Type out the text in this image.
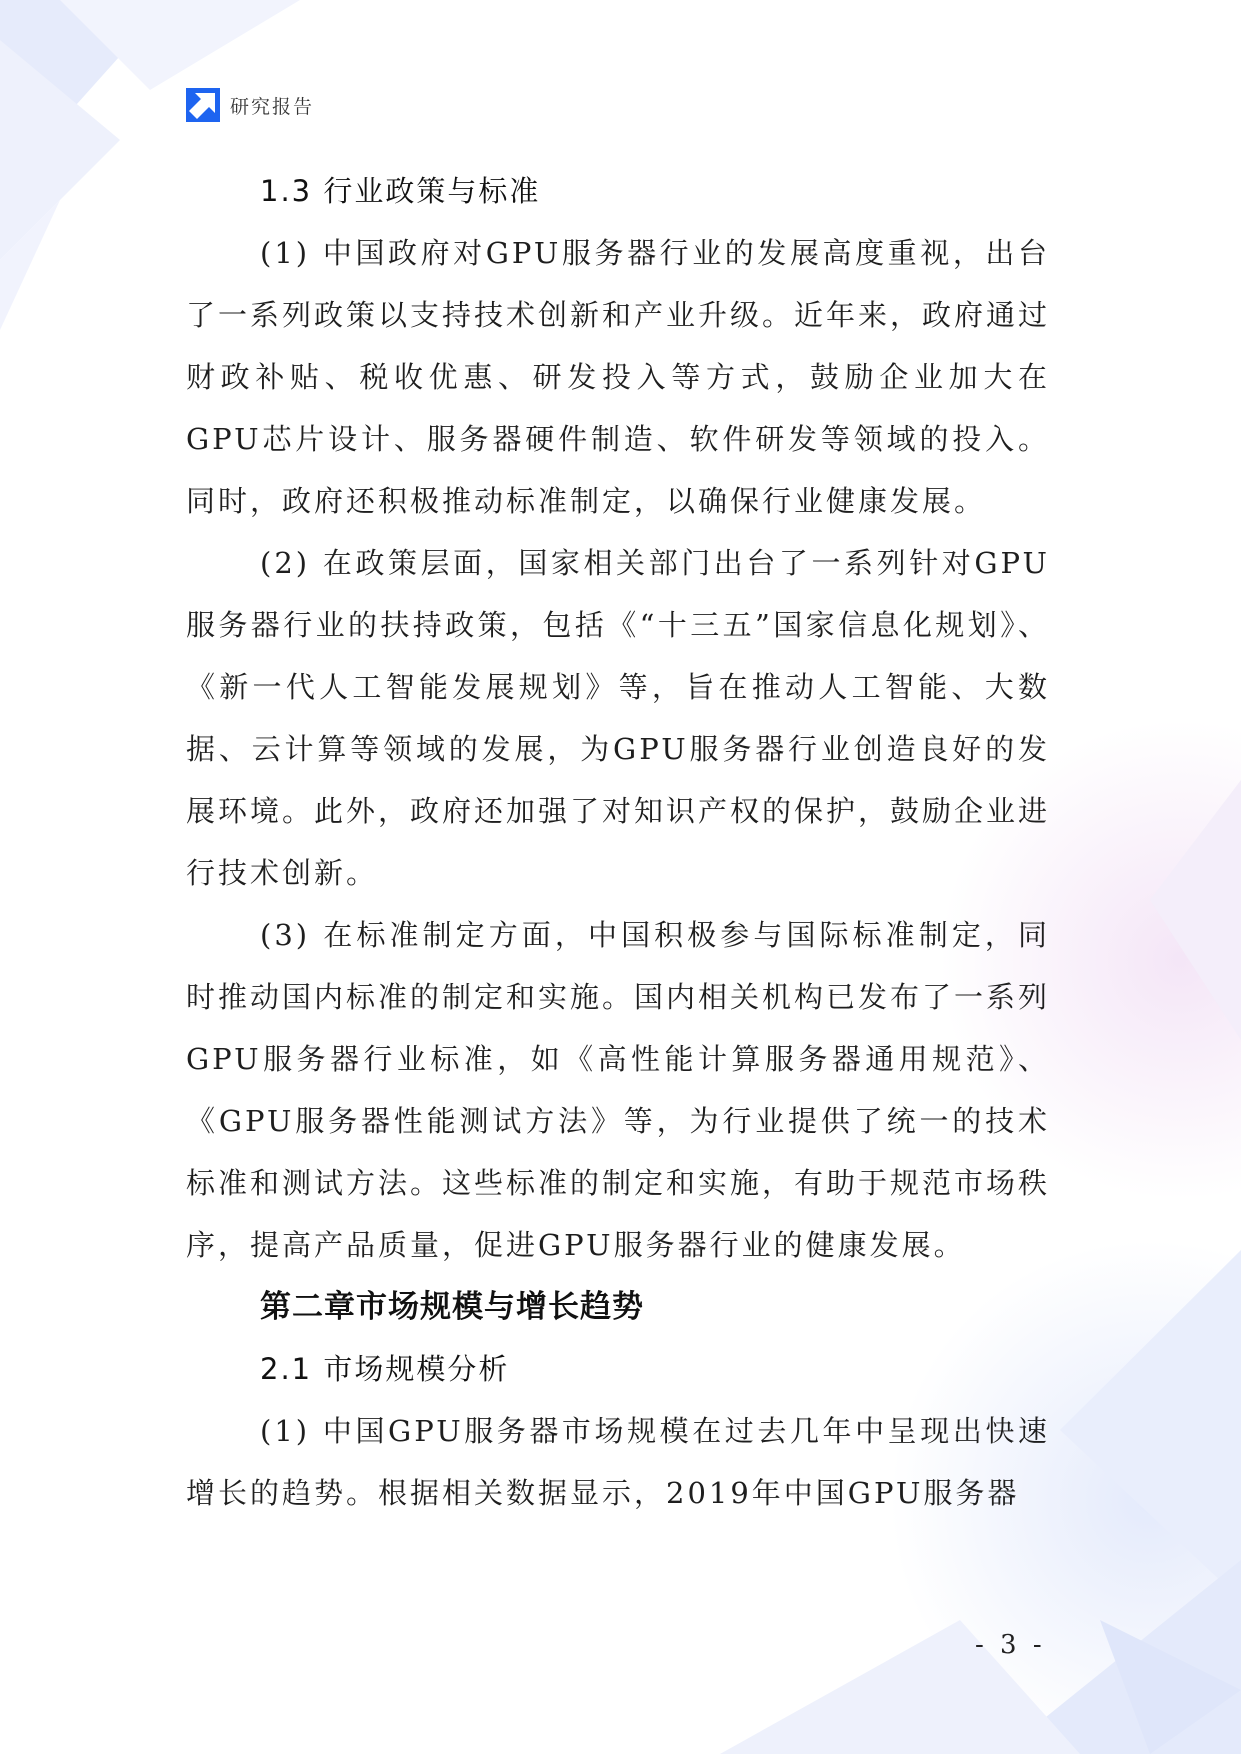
研究报告
1.3 行业政策与标准

(1) 中国政府对GPU服务器行业的发展高度重视，出台了一系列政策以支持技术创新和产业升级。近年来，政府通过财政补贴、税收优惠、研发投入等方式，鼓励企业加大在GPU芯片设计、服务器硬件制造、软件研发等领域的投入。同时，政府还积极推动标准制定，以确保行业健康发展。

(2) 在政策层面，国家相关部门出台了一系列针对GPU服务器行业的扶持政策，包括《“十三五”国家信息化规划》、《新一代人工智能发展规划》等，旨在推动人工智能、大数据、云计算等领域的发展，为GPU服务器行业创造良好的发展环境。此外，政府还加强了对知识产权的保护，鼓励企业进行技术创新。

(3) 在标准制定方面，中国积极参与国际标准制定，同时推动国内标准的制定和实施。国内相关机构已发布了一系列GPU服务器行业标准，如《高性能计算服务器通用规范》、《GPU服务器性能测试方法》等，为行业提供了统一的技术标准和测试方法。这些标准的制定和实施，有助于规范市场秩序，提高产品质量，促进GPU服务器行业的健康发展。

第二章市场规模与增长趋势
2.1 市场规模分析

(1) 中国GPU服务器市场规模在过去几年中呈现出快速增长的趋势。根据相关数据显示，2019年中国GPU服务器

- 3 -
